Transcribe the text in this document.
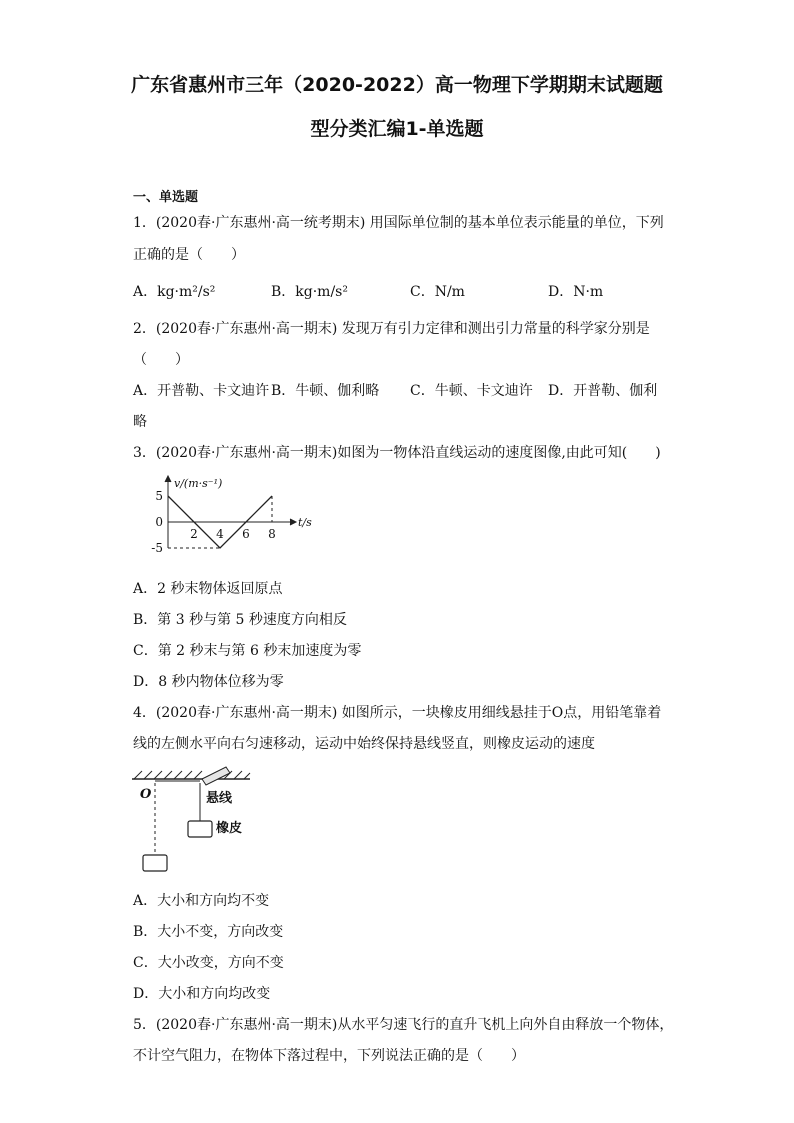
广东省惠州市三年（2020-2022）高一物理下学期期末试题题
型分类汇编1-单选题
一、单选题
1．(2020春·广东惠州·高一统考期末) 用国际单位制的基本单位表示能量的单位，下列
正确的是（　　）
A．kg·m²/s²	B．kg·m/s²	C．N/m	D．N·m
2．(2020春·广东惠州·高一期末) 发现万有引力定律和测出引力常量的科学家分别是
（　　）
A．开普勒、卡文迪许 B．牛顿、伽利略 C．牛顿、卡文迪许 D．开普勒、伽利
略
3．(2020春·广东惠州·高一期末)如图为一物体沿直线运动的速度图像,由此可知(　　)
5
0
-5
2 4 6 8
v/(m·s⁻¹)
t/s
A．2 秒末物体返回原点
B．第 3 秒与第 5 秒速度方向相反
C．第 2 秒末与第 6 秒末加速度为零
D．8 秒内物体位移为零
4．(2020春·广东惠州·高一期末) 如图所示，一块橡皮用细线悬挂于O点，用铅笔靠着
线的左侧水平向右匀速移动，运动中始终保持悬线竖直，则橡皮运动的速度
O	悬线
橡皮
A．大小和方向均不变
B．大小不变，方向改变
C．大小改变，方向不变
D．大小和方向均改变
5．(2020春·广东惠州·高一期末)从水平匀速飞行的直升飞机上向外自由释放一个物体，
不计空气阻力，在物体下落过程中，下列说法正确的是（　　）
